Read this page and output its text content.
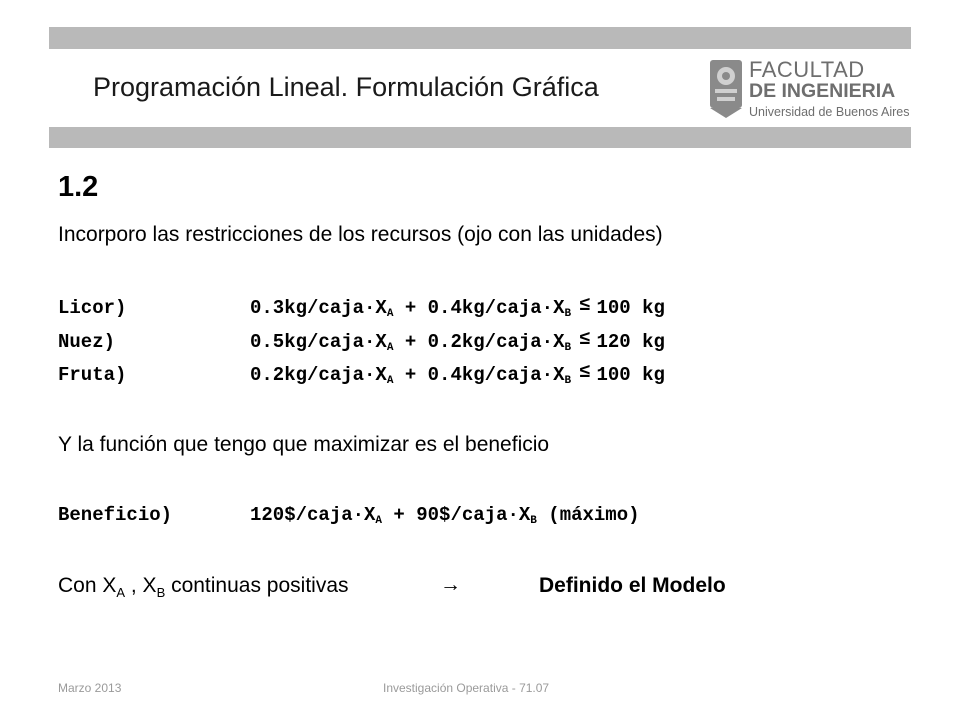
Programación Lineal. Formulación Gráfica
FACULTAD
DE INGENIERIA
Universidad de Buenos Aires
1.2
Incorporo las restricciones de los recursos (ojo con las unidades)
Licor)	$0.3kg/caja\cdot X_A$ + $0.4kg/caja\cdot X_B \le 100$ kg
Nuez)	$0.5kg/caja\cdot X_A$ + $0.2kg/caja\cdot X_B \le 120$ kg
Fruta)	$0.2kg/caja\cdot X_A$ + $0.4kg/caja\cdot X_B \le 100$ kg
Y la función que tengo que maximizar es el beneficio
Beneficio)	$120\$/caja\cdot X_A$ + $90\$/caja\cdot X_B$ (máximo)
Con $X_A$ , $X_B$ continuas positivas	→	Definido el Modelo
Marzo 2013	Investigación Operativa - 71.07
